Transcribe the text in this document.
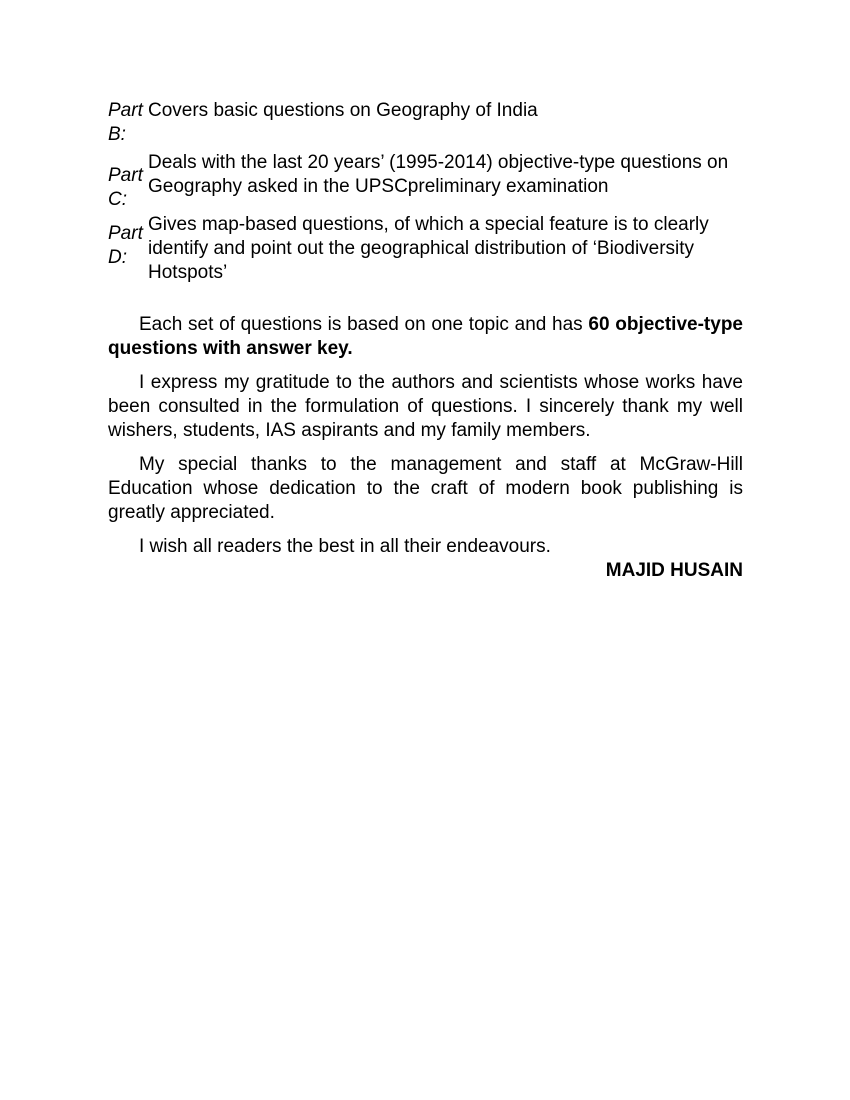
Part
B:
Covers basic questions on Geography of India
Part
C:
Deals with the last 20 years’ (1995-2014) objective-type questions on Geography asked in the UPSCpreliminary examination
Part
D:
Gives map-based questions, of which a special feature is to clearly identify and point out the geographical distribution of ‘Biodiversity Hotspots’

Each set of questions is based on one topic and has 60 objective-type questions with answer key.

I express my gratitude to the authors and scientists whose works have been consulted in the formulation of questions. I sincerely thank my well wishers, students, IAS aspirants and my family members.

My special thanks to the management and staff at McGraw-Hill Education whose dedication to the craft of modern book publishing is greatly appreciated.

I wish all readers the best in all their endeavours.

MAJID HUSAIN
